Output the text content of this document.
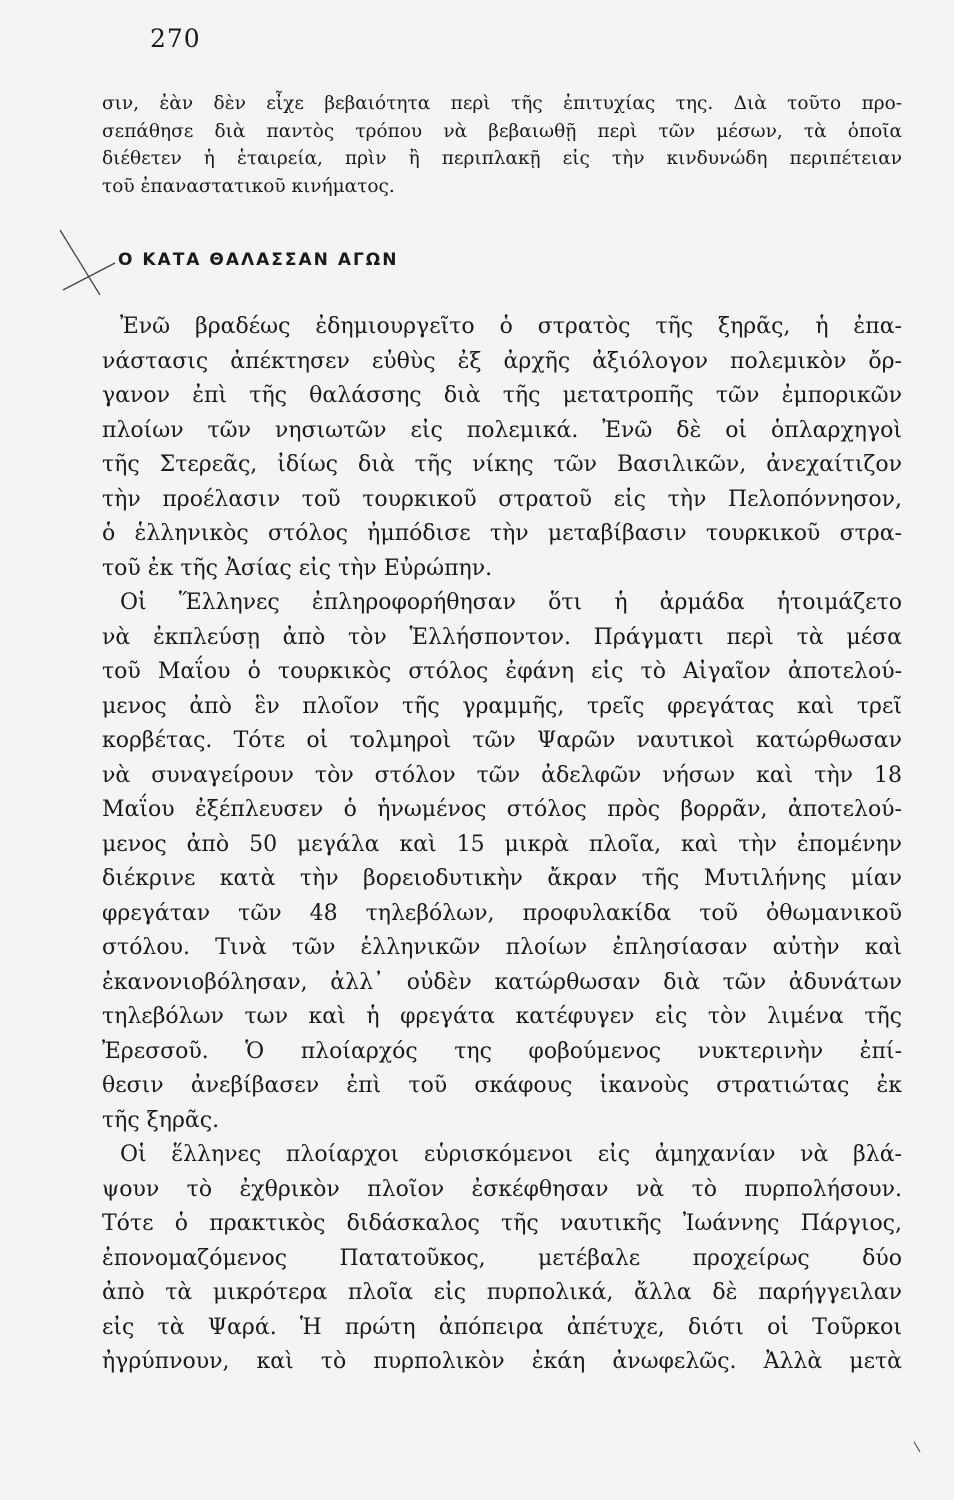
270
σιν, ἐὰν δὲν εἶχε βεβαιότητα περὶ τῆς ἐπιτυχίας της. Διὰ τοῦτο προ-
σεπάθησε διὰ παντὸς τρόπου νὰ βεβαιωθῇ περὶ τῶν μέσων, τὰ ὁποῖα
διέθετεν ἡ ἑταιρεία, πρὶν ἢ περιπλακῇ εἰς τὴν κινδυνώδη περιπέτειαν
τοῦ ἐπαναστατικοῦ κινήματος.
Ο ΚΑΤΑ ΘΑΛΑΣΣΑΝ ΑΓΩΝ
Ἐνῶ βραδέως ἐδημιουργεῖτο ὁ στρατὸς τῆς ξηρᾶς, ἡ ἐπα-
νάστασις ἀπέκτησεν εὐθὺς ἐξ ἀρχῆς ἀξιόλογον πολεμικὸν ὄρ-
γανον ἐπὶ τῆς θαλάσσης διὰ τῆς μετατροπῆς τῶν ἐμπορικῶν
πλοίων τῶν νησιωτῶν εἰς πολεμικά. Ἐνῶ δὲ οἱ ὁπλαρχηγοὶ
τῆς Στερεᾶς, ἰδίως διὰ τῆς νίκης τῶν Βασιλικῶν, ἀνεχαίτιζον
τὴν προέλασιν τοῦ τουρκικοῦ στρατοῦ εἰς τὴν Πελοπόννησον,
ὁ ἑλληνικὸς στόλος ἠμπόδισε τὴν μεταβίβασιν τουρκικοῦ στρα-
τοῦ ἐκ τῆς Ἀσίας εἰς τὴν Εὐρώπην.
Οἱ Ἕλληνες ἐπληροφορήθησαν ὅτι ἡ ἀρμάδα ἡτοιμάζετο
νὰ ἐκπλεύσῃ ἀπὸ τὸν Ἑλλήσποντον. Πράγματι περὶ τὰ μέσα
τοῦ Μαΐου ὁ τουρκικὸς στόλος ἐφάνη εἰς τὸ Αἰγαῖον ἀποτελού-
μενος ἀπὸ ἓν πλοῖον τῆς γραμμῆς, τρεῖς φρεγάτας καὶ τρεῖ
κορβέτας. Τότε οἱ τολμηροὶ τῶν Ψαρῶν ναυτικοὶ κατώρθωσαν
νὰ συναγείρουν τὸν στόλον τῶν ἀδελφῶν νήσων καὶ τὴν 18
Μαΐου ἐξέπλευσεν ὁ ἡνωμένος στόλος πρὸς βορρᾶν, ἀποτελού-
μενος ἀπὸ 50 μεγάλα καὶ 15 μικρὰ πλοῖα, καὶ τὴν ἐπομένην
διέκρινε κατὰ τὴν βορειοδυτικὴν ἄκραν τῆς Μυτιλήνης μίαν
φρεγάταν τῶν 48 τηλεβόλων, προφυλακίδα τοῦ ὀθωμανικοῦ
στόλου. Τινὰ τῶν ἑλληνικῶν πλοίων ἐπλησίασαν αὐτὴν καὶ
ἐκανονιοβόλησαν, ἀλλ᾿ οὐδὲν κατώρθωσαν διὰ τῶν ἀδυνάτων
τηλεβόλων των καὶ ἡ φρεγάτα κατέφυγεν εἰς τὸν λιμένα τῆς
Ἐρεσσοῦ. Ὁ πλοίαρχός της φοβούμενος νυκτερινὴν ἐπί-
θεσιν ἀνεβίβασεν ἐπὶ τοῦ σκάφους ἱκανοὺς στρατιώτας ἐκ
τῆς ξηρᾶς.
Οἱ ἕλληνες πλοίαρχοι εὑρισκόμενοι εἰς ἀμηχανίαν νὰ βλά-
ψουν τὸ ἐχθρικὸν πλοῖον ἐσκέφθησαν νὰ τὸ πυρπολήσουν.
Τότε ὁ πρακτικὸς διδάσκαλος τῆς ναυτικῆς Ἰωάννης Πάργιος,
ἐπονομαζόμενος Πατατοῦκος, μετέβαλε προχείρως δύο
ἀπὸ τὰ μικρότερα πλοῖα εἰς πυρπολικά, ἄλλα δὲ παρήγγειλαν
εἰς τὰ Ψαρά. Ἡ πρώτη ἀπόπειρα ἀπέτυχε, διότι οἱ Τοῦρκοι
ἠγρύπνουν, καὶ τὸ πυρπολικὸν ἐκάη ἀνωφελῶς. Ἀλλὰ μετὰ
